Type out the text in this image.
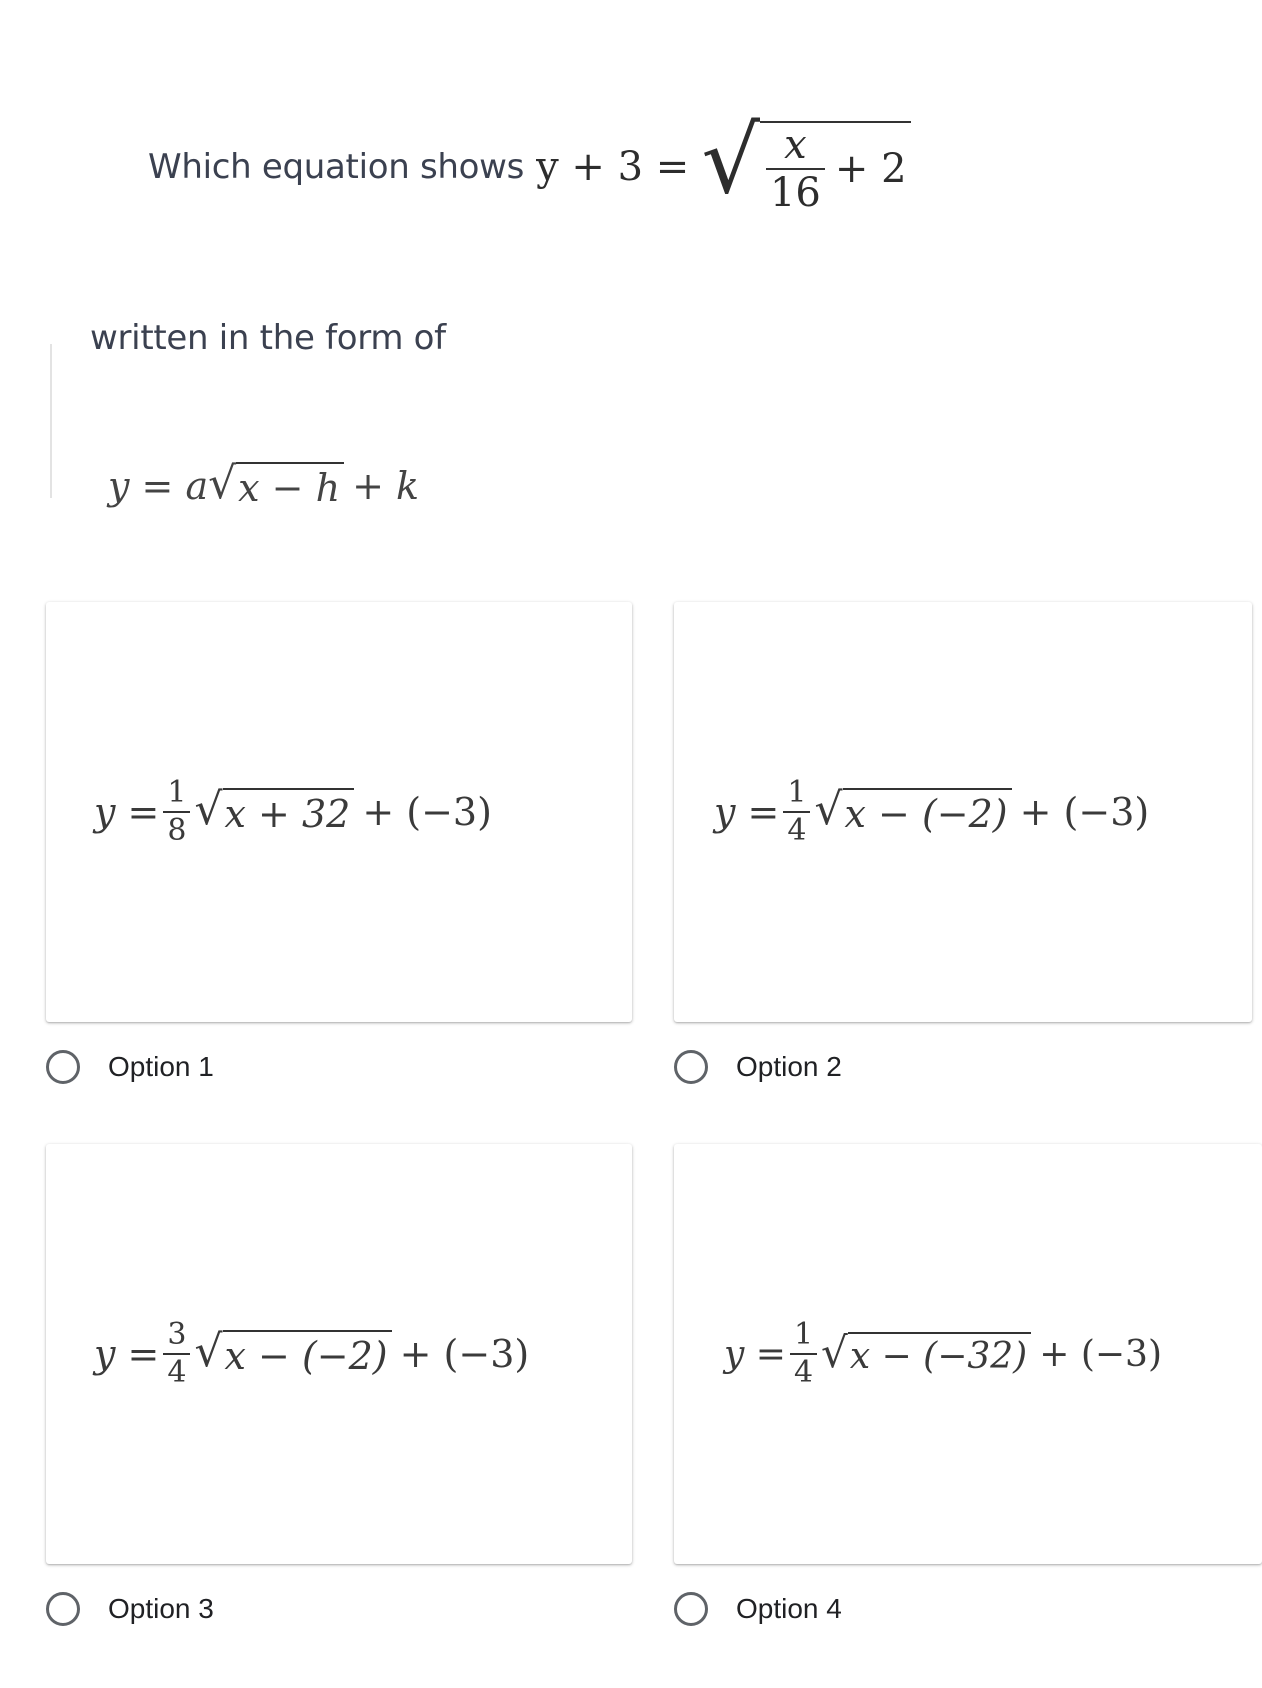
Which equation shows y + 3 = √ $\frac{x}{16} + 2$
written in the form of
y = a √ x − h + k
$y = \frac{1}{8}$ √ x + 32 + (−3)	$y = \frac{1}{4}$ √ x − (−2) + (−3)
$y = \frac{3}{4}$ √ x − (−2) + (−3)	$y = \frac{1}{4}$ √ x − (−32) + (−3)
Option 1	Option 2
Option 3	Option 4
